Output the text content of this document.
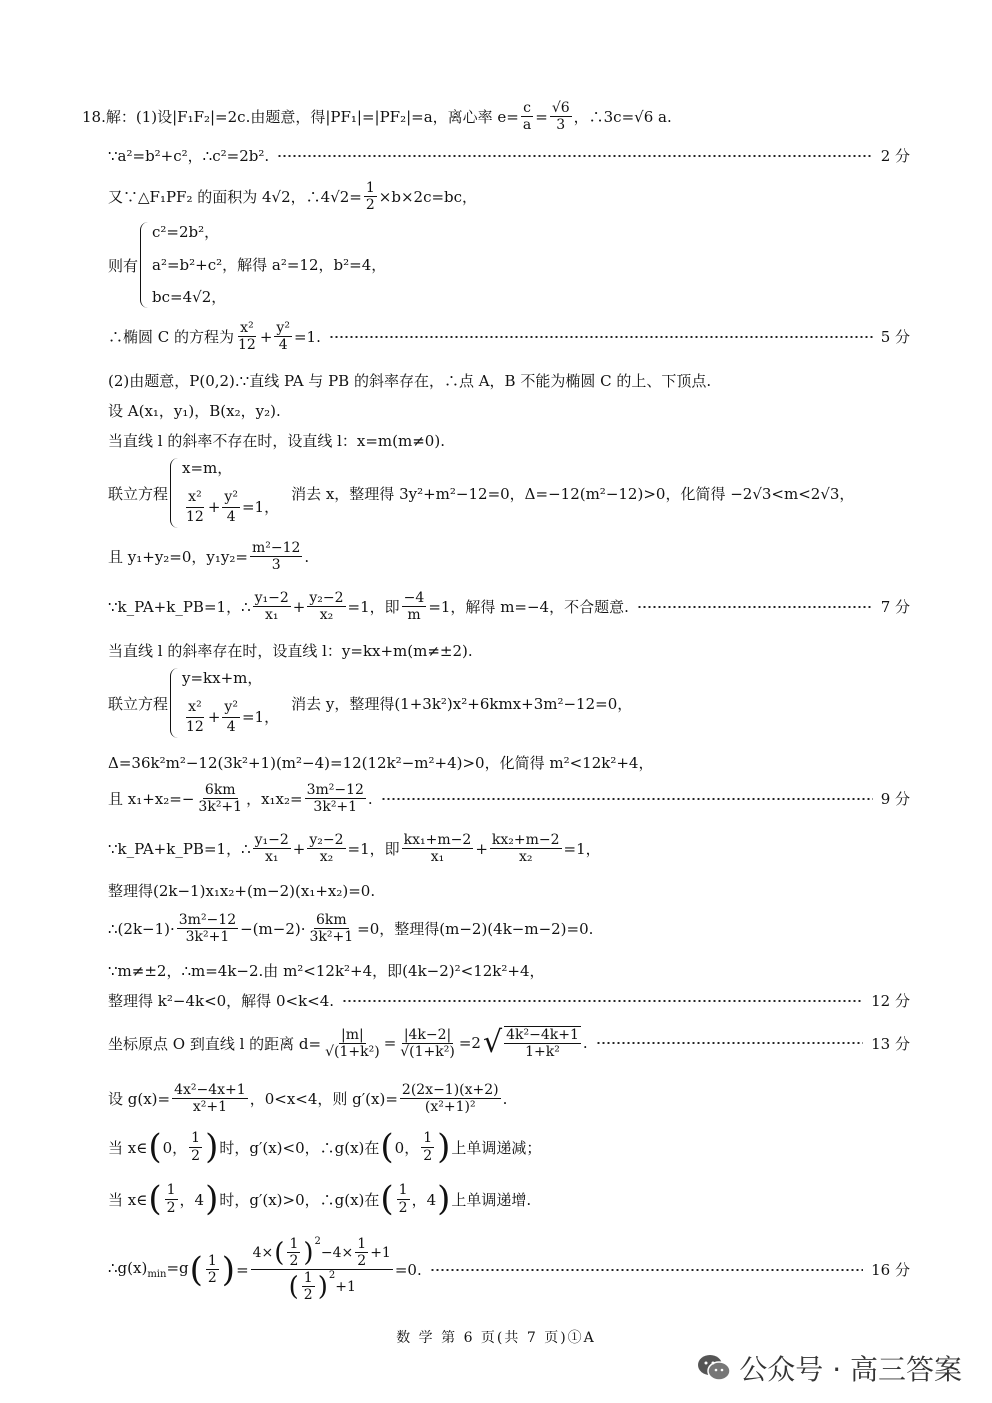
18.解：(1)设|F₁F₂|=2c.由题意，得|PF₁|=|PF₂|=a，离心率 $e= \frac{c}{a} = \frac{√6}{3}$ ，∴3c=√6 a.
∵a²=b²+c²，∴c²=2b².	2 分
又∵△F₁PF₂ 的面积为 4√2，∴4√2= $\frac{1}{2} \times b\times 2c=bc$，
则有
c²=2b²，
a²=b²+c²，解得 a²=12，b²=4，
bc=4√2，
∴椭圆 C 的方程为 $\frac{\text{x²}}{12} + \frac{\text{y²}}{4} =1$.	5 分
(2)由题意，P(0,2).∵直线 PA 与 PB 的斜率存在，∴点 A，B 不能为椭圆 C 的上、下顶点.
设 A(x₁，y₁)，B(x₂，y₂).
当直线 l 的斜率不存在时，设直线 l：x=m(m≠0).
联立方程
x=m，
$\frac{\text{x²}}{12} + \frac{\text{y²}}{4} =1$，
消去 x，整理得 3y²+m²−12=0，Δ=−12(m²−12)>0，化简得 −2√3<m<2√3，
且 y₁+y₂=0，$y_1y_2= \frac{\text{m²−12}}{3}$ .
∵k_PA+k_PB=1，∴ $\frac{\text{y₁−2}}{\text{x₁}} + \frac{\text{y₂−2}}{\text{x₂}} =1$，即 $\frac{-4}{m} =1$，解得 m=−4，不合题意.	7 分
当直线 l 的斜率存在时，设直线 l：y=kx+m(m≠±2).
联立方程
y=kx+m，
$\frac{\text{x²}}{12} + \frac{\text{y²}}{4} =1$，
消去 y，整理得(1+3k²)x²+6kmx+3m²−12=0，
Δ=36k²m²−12(3k²+1)(m²−4)=12(12k²−m²+4)>0，化简得 m²<12k²+4，
且 $x_1+x_2=- \frac{6km}{\text{3k²+1}}$ ，$x_1x_2= \frac{\text{3m²−12}}{\text{3k²+1}}$ .	9 分
∵k_PA+k_PB=1，∴ $\frac{\text{y₁−2}}{\text{x₁}} + \frac{\text{y₂−2}}{\text{x₂}} =1$，即 $\frac{\text{kx₁+m−2}}{\text{x₁}} + \frac{\text{kx₂+m−2}}{\text{x₂}} =1$，
整理得(2k−1)x₁x₂+(m−2)(x₁+x₂)=0.
∴(2k−1)· $\frac{\text{3m²−12}}{\text{3k²+1}} -(m-2)\cdot \frac{6km}{\text{3k²+1}} =0$，整理得(m−2)(4k−m−2)=0.
∵m≠±2，∴m=4k−2.由 m²<12k²+4，即(4k−2)²<12k²+4，
整理得 k²−4k<0，解得 0<k<4.	12 分
坐标原点 O 到直线 l 的距离 $d= \frac{|m|}{\text{√(1+k²)}} = \frac{|4k-2|}{\text{√(1+k²)}} =2$ √ $\frac{\text{4k²−4k+1}}{\text{1+k²}}$ .	13 分
设 $g(x)= \frac{\text{4x²−4x+1}}{\text{x²+1}}$ ，0<x<4，则 $g'(x)= \frac{2(2x-1)(x+2)}{\text{(x²+1)²}}$ .
当 x∈ ( 0， $\frac{1}{2}$ ) 时，g′(x)<0，∴g(x)在 ( 0， $\frac{1}{2}$ ) 上单调递减；
当 x∈ ( $\frac{1}{2}$ ，4 ) 时，g′(x)>0，∴g(x)在 ( $\frac{1}{2}$ ，4 ) 上单调递增.
$\therefore g(x)_{min}=g$ ( $\frac{1}{2}$ ) = 4× ( $\frac{1}{2} )^2$
$-4\times \frac{1}{2} +1$
( $\frac{1}{2} )^2$
+1 =0.	16 分
数 学 第 6 页(共 7 页)①A
公众号 · 高三答案
